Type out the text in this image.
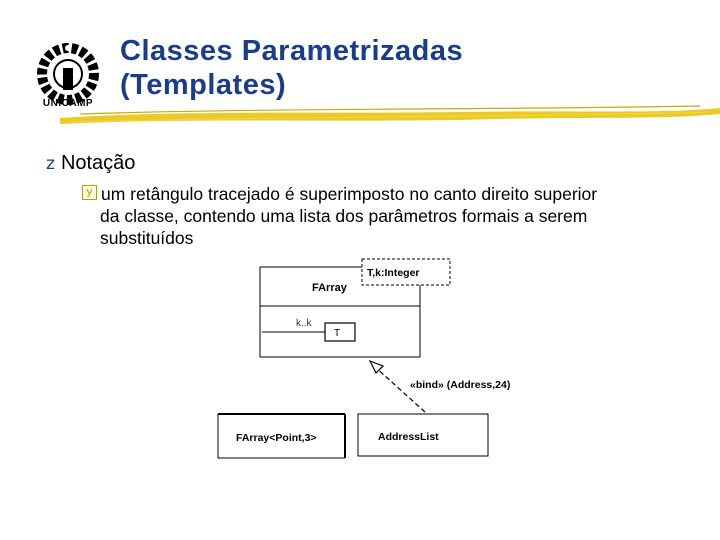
UNICAMP
Classes Parametrizadas
(Templates)
z Notação
y um retângulo tracejado é superimposto no canto direito superior
da classe, contendo uma lista dos parâmetros formais a serem
substituídos
FArray
T,k:Integer
k..k
T
«bind» (Address,24)
FArray<Point,3>	AddressList
